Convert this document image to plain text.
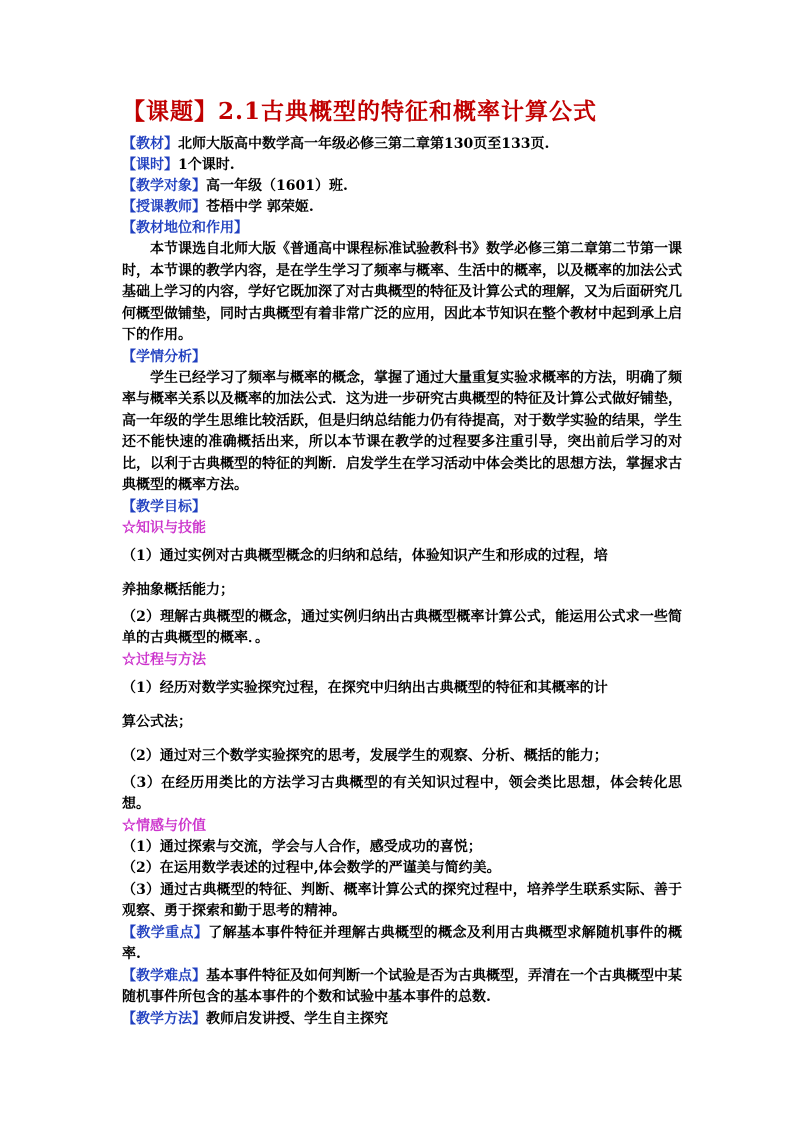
【课题】2.1古典概型的特征和概率计算公式

【教材】北师大版高中数学高一年级必修三第二章第130页至133页.

【课时】1个课时.

【教学对象】高一年级（1601）班.

【授课教师】苍梧中学 郭荣姬.

【教材地位和作用】

本节课选自北师大版《普通高中课程标准试验教科书》数学必修三第二章第二节第一课时，本节课的教学内容，是在学生学习了频率与概率、生活中的概率，以及概率的加法公式基础上学习的内容，学好它既加深了对古典概型的特征及计算公式的理解，又为后面研究几何概型做铺垫，同时古典概型有着非常广泛的应用，因此本节知识在整个教材中起到承上启下的作用。

【学情分析】

学生已经学习了频率与概率的概念，掌握了通过大量重复实验求概率的方法，明确了频率与概率关系以及概率的加法公式．这为进一步研究古典概型的特征及计算公式做好铺垫，高一年级的学生思维比较活跃，但是归纳总结能力仍有待提高，对于数学实验的结果，学生还不能快速的准确概括出来，所以本节课在教学的过程要多注重引导，突出前后学习的对比，以利于古典概型的特征的判断．启发学生在学习活动中体会类比的思想方法，掌握求古典概型的概率方法。

【教学目标】

☆知识与技能

（1）通过实例对古典概型概念的归纳和总结，体验知识产生和形成的过程，培

养抽象概括能力；

（2）理解古典概型的概念，通过实例归纳出古典概型概率计算公式，能运用公式求一些简单的古典概型的概率．。

☆过程与方法

（1）经历对数学实验探究过程，在探究中归纳出古典概型的特征和其概率的计

算公式法；

（2）通过对三个数学实验探究的思考，发展学生的观察、分析、概括的能力；

（3）在经历用类比的方法学习古典概型的有关知识过程中，领会类比思想，体会转化思想。

☆情感与价值

（1）通过探索与交流，学会与人合作，感受成功的喜悦；

（2）在运用数学表述的过程中,体会数学的严谨美与简约美。

（3）通过古典概型的特征、判断、概率计算公式的探究过程中，培养学生联系实际、善于观察、勇于探索和勤于思考的精神。

【教学重点】了解基本事件特征并理解古典概型的概念及利用古典概型求解随机事件的概率.

【教学难点】基本事件特征及如何判断一个试验是否为古典概型，弄清在一个古典概型中某随机事件所包含的基本事件的个数和试验中基本事件的总数.

【教学方法】教师启发讲授、学生自主探究
